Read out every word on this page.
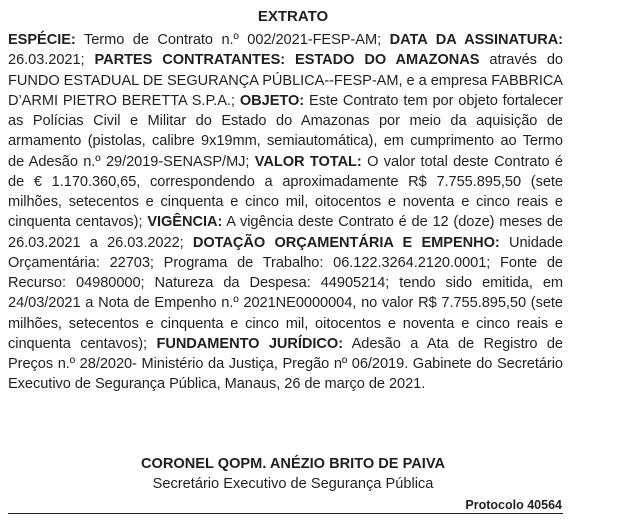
EXTRATO
ESPÉCIE: Termo de Contrato n.º 002/2021-FESP-AM; DATA DA ASSINATURA: 26.03.2021; PARTES CONTRATANTES: ESTADO DO AMAZONAS através do FUNDO ESTADUAL DE SEGURANÇA PÚBLICA--FESP-AM, e a empresa FABBRICA D’ARMI PIETRO BERETTA S.P.A.; OBJETO: Este Contrato tem por objeto fortalecer as Polícias Civil e Militar do Estado do Amazonas por meio da aquisição de armamento (pistolas, calibre 9x19mm, semiautomática), em cumprimento ao Termo de Adesão n.º 29/2019-SENASP/MJ; VALOR TOTAL: O valor total deste Contrato é de € 1.170.360,65, correspondendo a aproximadamente R$ 7.755.895,50 (sete milhões, setecentos e cinquenta e cinco mil, oitocentos e noventa e cinco reais e cinquenta centavos); VIGÊNCIA: A vigência deste Contrato é de 12 (doze) meses de 26.03.2021 a 26.03.2022; DOTAÇÃO ORÇAMENTÁRIA E EMPENHO: Unidade Orçamentária: 22703; Programa de Trabalho: 06.122.3264.2120.0001; Fonte de Recurso: 04980000; Natureza da Despesa: 44905214; tendo sido emitida, em 24/03/2021 a Nota de Empenho n.º 2021NE0000004, no valor R$ 7.755.895,50 (sete milhões, setecentos e cinquenta e cinco mil, oitocentos e noventa e cinco reais e cinquenta centavos); FUNDAMENTO JURÍDICO: Adesão a Ata de Registro de Preços n.º 28/2020- Ministério da Justiça, Pregão nº 06/2019. Gabinete do Secretário Executivo de Segurança Pública, Manaus, 26 de março de 2021.
CORONEL QOPM. ANÉZIO BRITO DE PAIVA
Secretário Executivo de Segurança Pública
Protocolo 40564
